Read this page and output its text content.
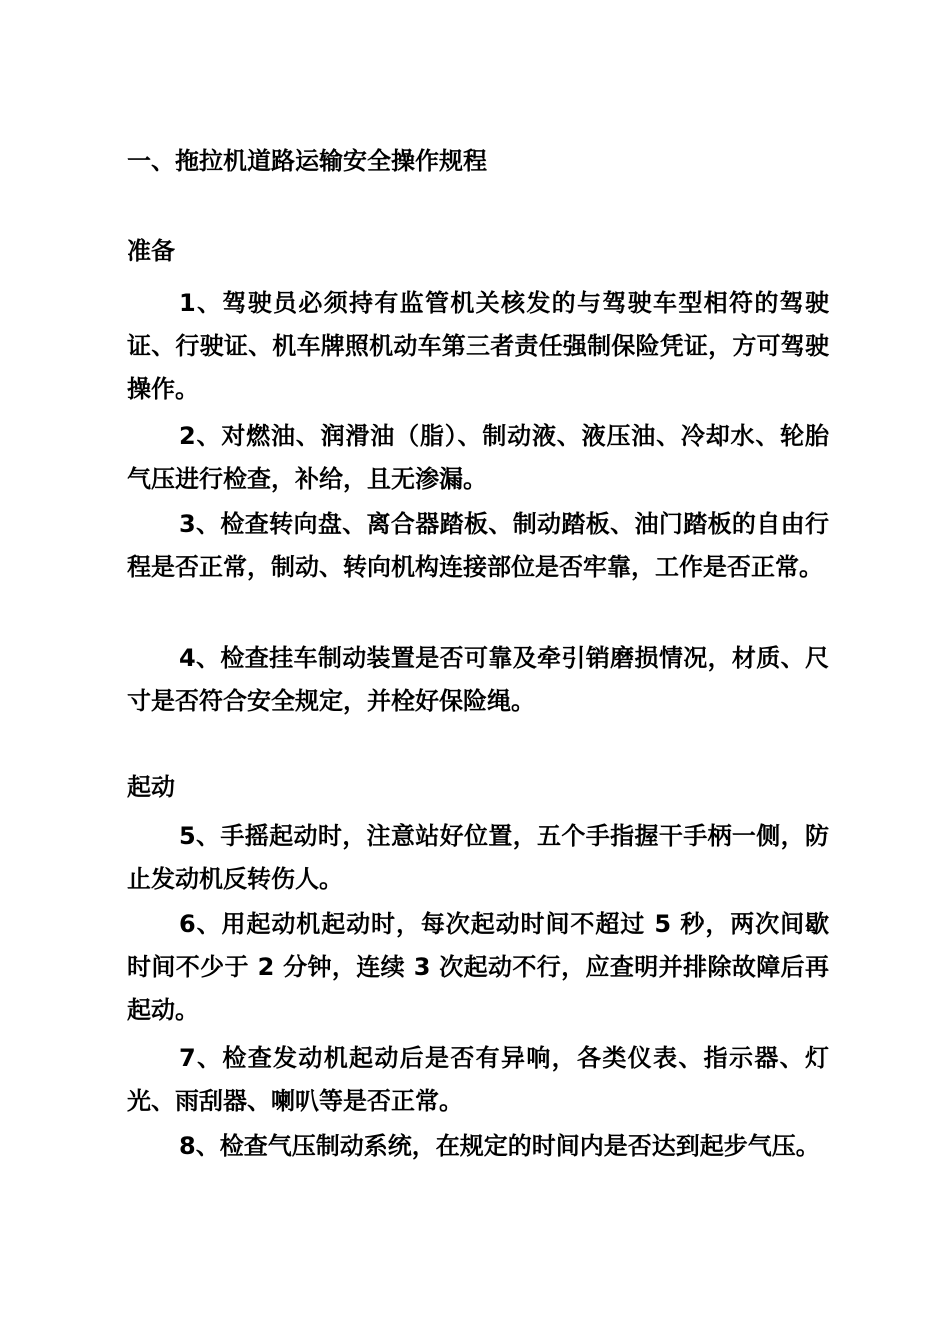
一、拖拉机道路运输安全操作规程
准备

1、驾驶员必须持有监管机关核发的与驾驶车型相符的驾驶证、行驶证、机车牌照机动车第三者责任强制保险凭证，方可驾驶操作。

2、对燃油、润滑油（脂）、制动液、液压油、冷却水、轮胎气压进行检查，补给，且无渗漏。

3、检查转向盘、离合器踏板、制动踏板、油门踏板的自由行程是否正常，制动、转向机构连接部位是否牢靠，工作是否正常。

4、检查挂车制动装置是否可靠及牵引销磨损情况，材质、尺寸是否符合安全规定，并栓好保险绳。

起动

5、手摇起动时，注意站好位置，五个手指握干手柄一侧，防止发动机反转伤人。

6、用起动机起动时，每次起动时间不超过 5 秒，两次间歇时间不少于 2 分钟，连续 3 次起动不行，应查明并排除故障后再起动。

7、检查发动机起动后是否有异响，各类仪表、指示器、灯光、雨刮器、喇叭等是否正常。

8、检查气压制动系统，在规定的时间内是否达到起步气压。
